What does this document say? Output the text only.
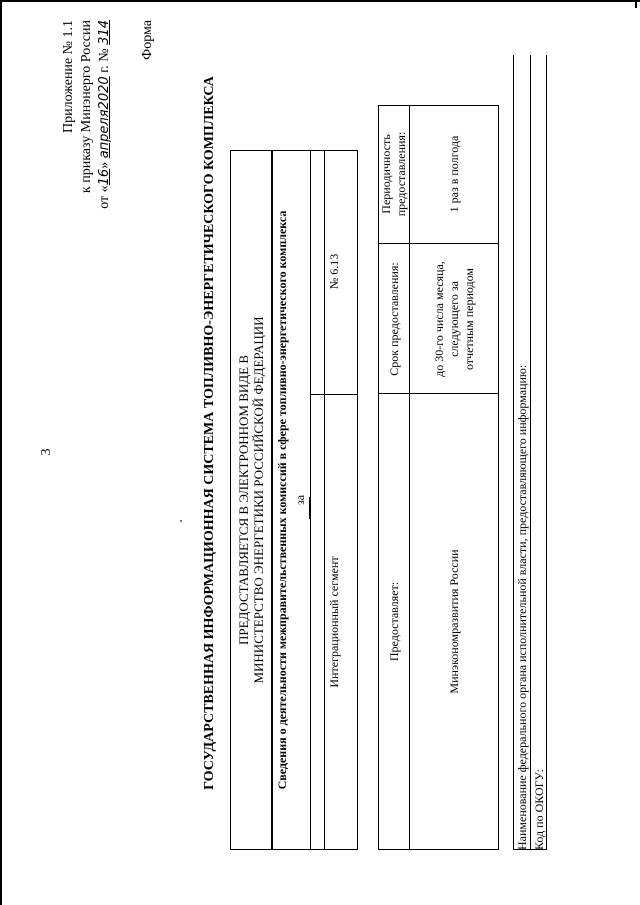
3
Приложение № 1.1 к приказу Минэнерго России
от «16» апреля2020 г. № 314 Форма
ГОСУДАРСТВЕННАЯ ИНФОРМАЦИОННАЯ СИСТЕМА ТОПЛИВНО-ЭНЕРГЕТИЧЕСКОГО КОМПЛЕКСА ПРЕДОСТАВЛЯЕТСЯ В ЭЛЕКТРОННОМ ВИДЕ В МИНИСТЕРСТВО ЭНЕРГЕТИКИ РОССИЙСКОЙ ФЕДЕРАЦИИ Сведения о деятельности межправительственных комиссий в сфере топливно-энергетического комплекса за
Интеграционный сегмент
№ 6.13
Предоставляет:
Срок предоставления:
Периодичность предоставления:
Минэкономразвития России
до 30-го числа месяца, следующего за отчетным периодом
1 раз в полгода
Наименование федерального органа исполнительной власти, предоставляющего информацию: Код по ОКОГУ:
